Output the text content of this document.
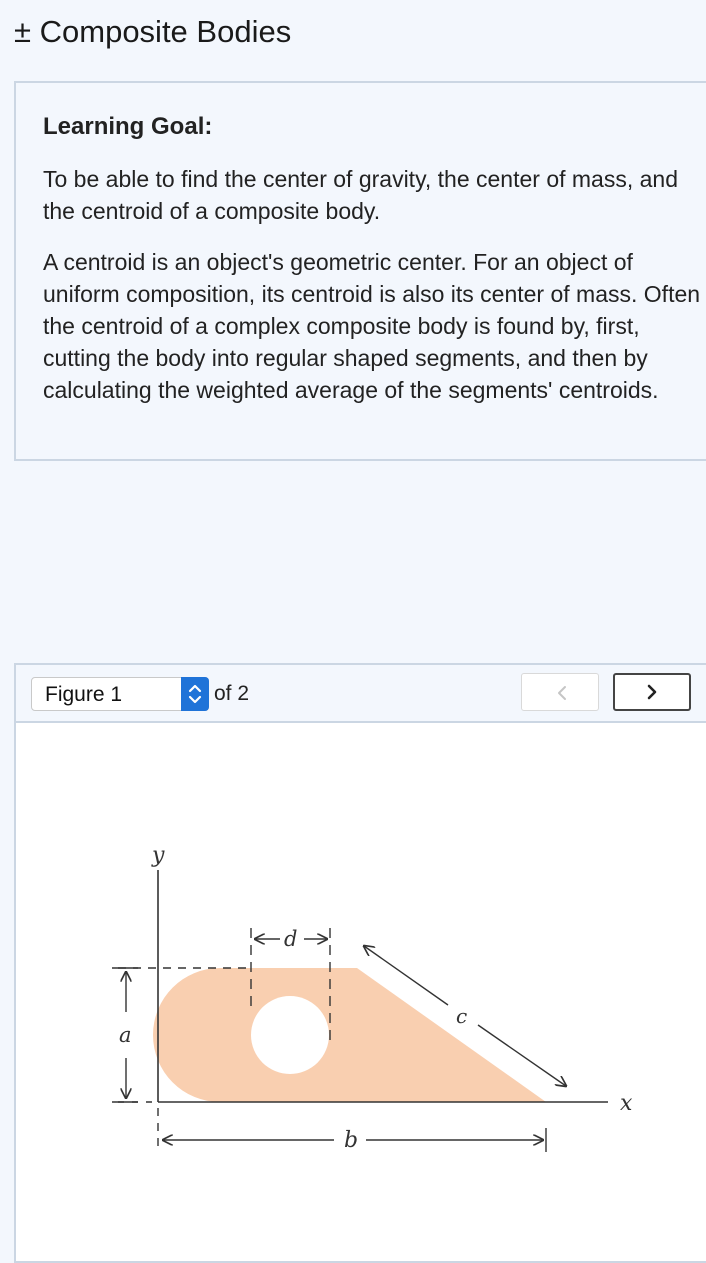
± Composite Bodies
Learning Goal:

To be able to find the center of gravity, the center of mass, and the centroid of a composite body.

A centroid is an object's geometric center. For an object of uniform composition, its centroid is also its center of mass. Often the centroid of a complex composite body is found by, first, cutting the body into regular shaped segments, and then by calculating the weighted average of the segments' centroids.

Figure 1	of 2
y
x
a
d
c
b
